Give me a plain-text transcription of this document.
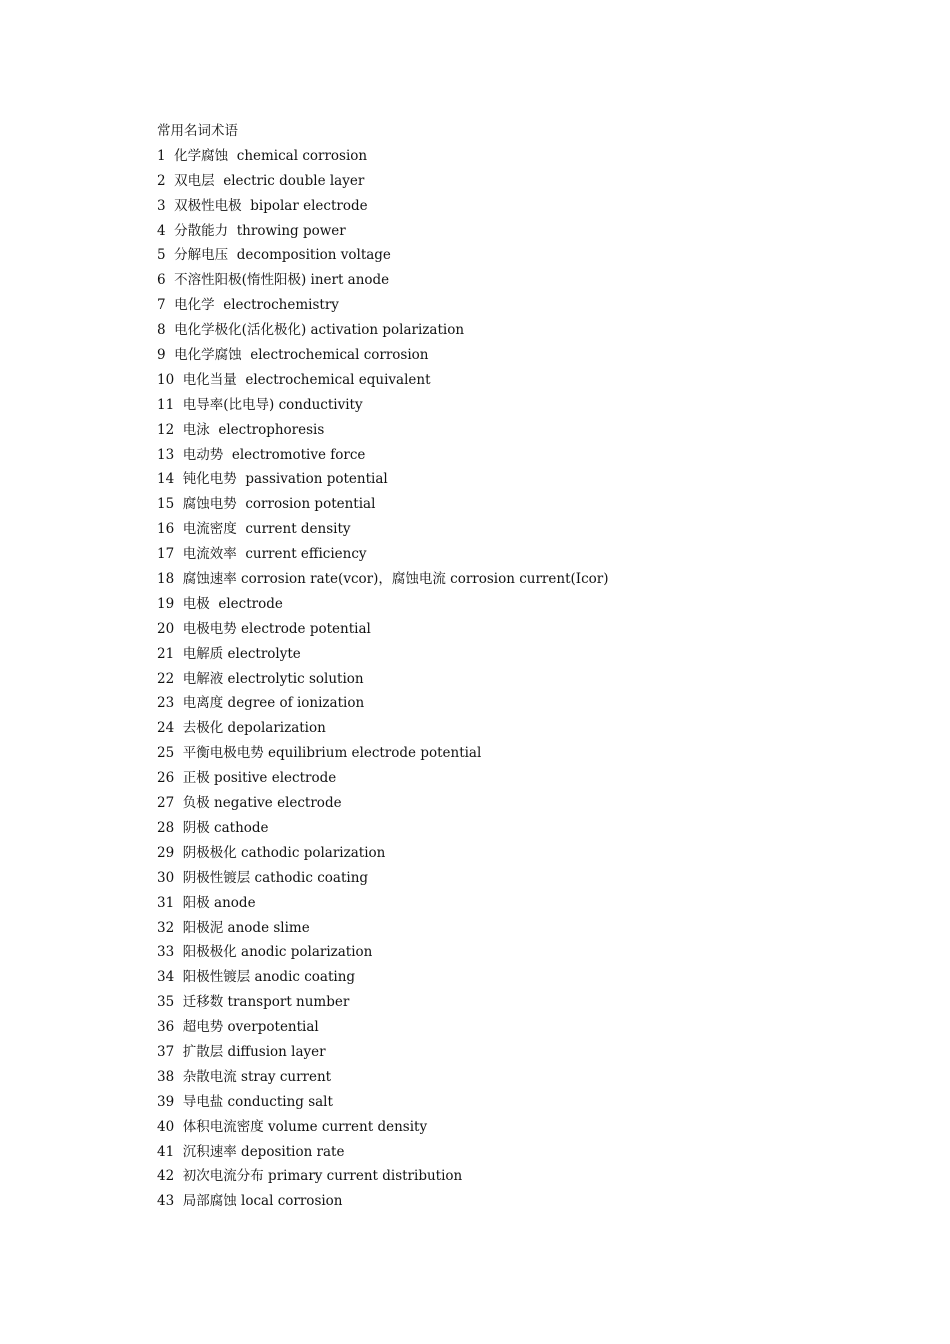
常用名词术语
1  化学腐蚀  chemical corrosion
2  双电层  electric double layer
3  双极性电极  bipolar electrode
4  分散能力  throwing power
5  分解电压  decomposition voltage
6  不溶性阳极(惰性阳极) inert anode
7  电化学  electrochemistry
8  电化学极化(活化极化) activation polarization
9  电化学腐蚀  electrochemical corrosion
10  电化当量  electrochemical equivalent
11  电导率(比电导) conductivity
12  电泳  electrophoresis
13  电动势  electromotive force
14  钝化电势  passivation potential
15  腐蚀电势  corrosion potential
16  电流密度  current density
17  电流效率  current efficiency
18  腐蚀速率 corrosion rate(vcor)，腐蚀电流 corrosion current(Icor)
19  电极  electrode
20  电极电势 electrode potential
21  电解质 electrolyte
22  电解液 electrolytic solution
23  电离度 degree of ionization
24  去极化 depolarization
25  平衡电极电势 equilibrium electrode potential
26  正极 positive electrode
27  负极 negative electrode
28  阴极 cathode
29  阴极极化 cathodic polarization
30  阴极性镀层 cathodic coating
31  阳极 anode
32  阳极泥 anode slime
33  阳极极化 anodic polarization
34  阳极性镀层 anodic coating
35  迁移数 transport number
36  超电势 overpotential
37  扩散层 diffusion layer
38  杂散电流 stray current
39  导电盐 conducting salt
40  体积电流密度 volume current density
41  沉积速率 deposition rate
42  初次电流分布 primary current distribution
43  局部腐蚀 local corrosion
